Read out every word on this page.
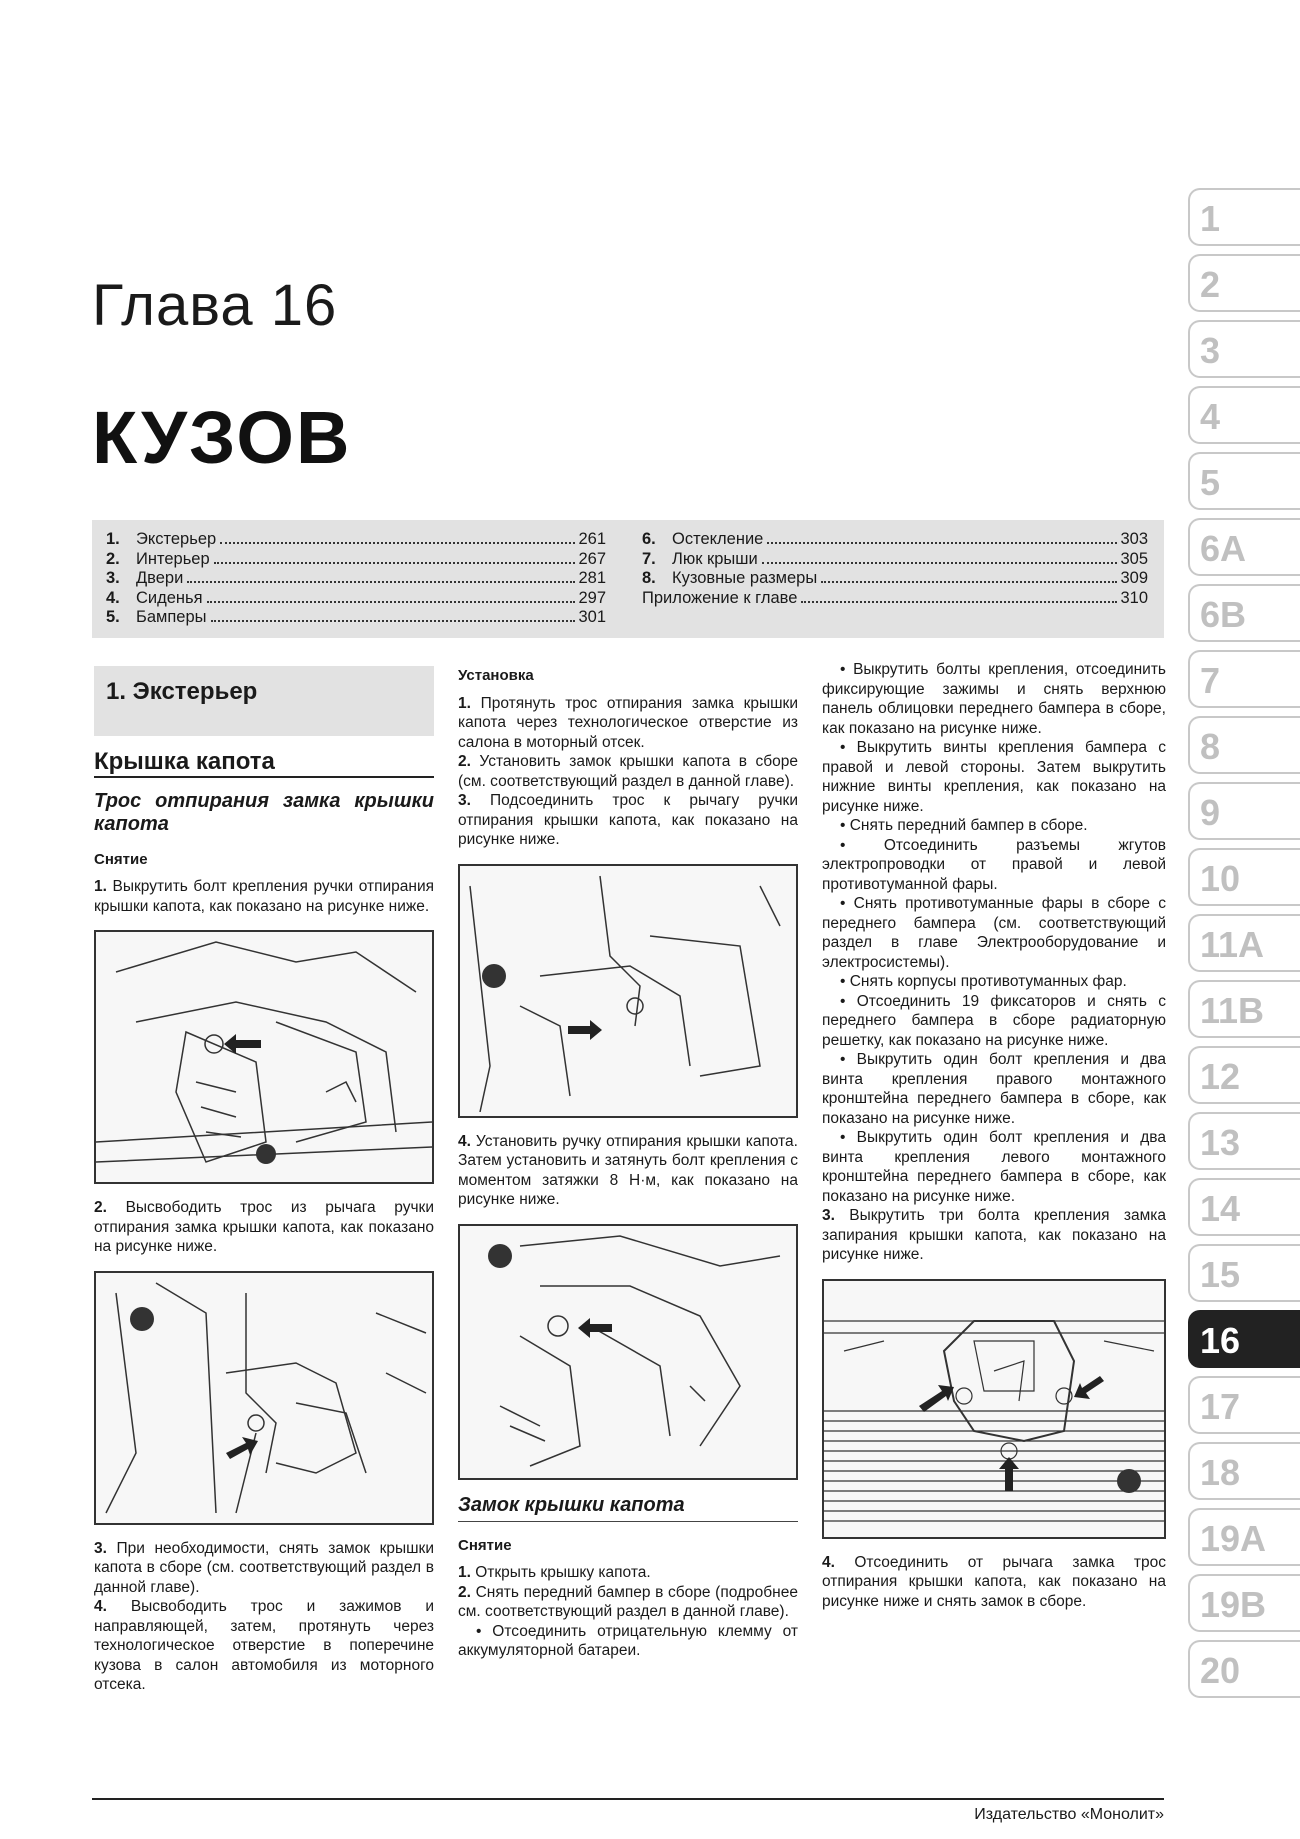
Глава 16
КУЗОВ
1. Экстерьер	261
2. Интерьер	267
3. Двери	281
4. Сиденья	297
5. Бамперы	301
6. Остекление	303
7. Люк крыши	305
8. Кузовные размеры	309
Приложение к главе	310
1
2
3
4
5
6A
6B
7
8
9
10
11A
11B
12
13
14
15
16
17
18
19A
19B
20
1. Экстерьер
Крышка капота
Трос отпирания замка крышки капота
Снятие

1. Выкрутить болт крепления ручки отпирания крышки капота, как показано на рисунке ниже.

2. Высвободить трос из рычага ручки отпирания замка крышки капота, как показано на рисунке ниже.

3. При необходимости, снять замок крышки капота в сборе (см. соответствующий раздел в данной главе).

4. Высвободить трос и зажимов и направляющей, затем, протянуть через технологическое отверстие в поперечине кузова в салон автомобиля из моторного отсека.

Установка

1. Протянуть трос отпирания замка крышки капота через технологическое отверстие из салона в моторный отсек.

2. Установить замок крышки капота в сборе (см. соответствующий раздел в данной главе).

3. Подсоединить трос к рычагу ручки отпирания крышки капота, как показано на рисунке ниже.

4. Установить ручку отпирания крышки капота. Затем установить и затянуть болт крепления с моментом затяжки 8 Н·м, как показано на рисунке ниже.

Замок крышки капота
Снятие

1. Открыть крышку капота.

2. Снять передний бампер в сборе (подробнее см. соответствующий раздел в данной главе).

• Отсоединить отрицательную клемму от аккумуляторной батареи.

• Выкрутить болты крепления, отсоединить фиксирующие зажимы и снять верхнюю панель облицовки переднего бампера в сборе, как показано на рисунке ниже.

• Выкрутить винты крепления бампера с правой и левой стороны. Затем выкрутить нижние винты крепления, как показано на рисунке ниже.

• Снять передний бампер в сборе.

• Отсоединить разъемы жгутов электропроводки от правой и левой противотуманной фары.

• Снять противотуманные фары в сборе с переднего бампера (см. соответствующий раздел в главе Электрооборудование и электросистемы).

• Снять корпусы противотуманных фар.

• Отсоединить 19 фиксаторов и снять с переднего бампера в сборе радиаторную решетку, как показано на рисунке ниже.

• Выкрутить один болт крепления и два винта крепления правого монтажного кронштейна переднего бампера в сборе, как показано на рисунке ниже.

• Выкрутить один болт крепления и два винта крепления левого монтажного кронштейна переднего бампера в сборе, как показано на рисунке ниже.

3. Выкрутить три болта крепления замка запирания крышки капота, как показано на рисунке ниже.

4. Отсоединить от рычага замка трос отпирания крышки капота, как показано на рисунке ниже и снять замок в сборе.

Издательство «Монолит»
